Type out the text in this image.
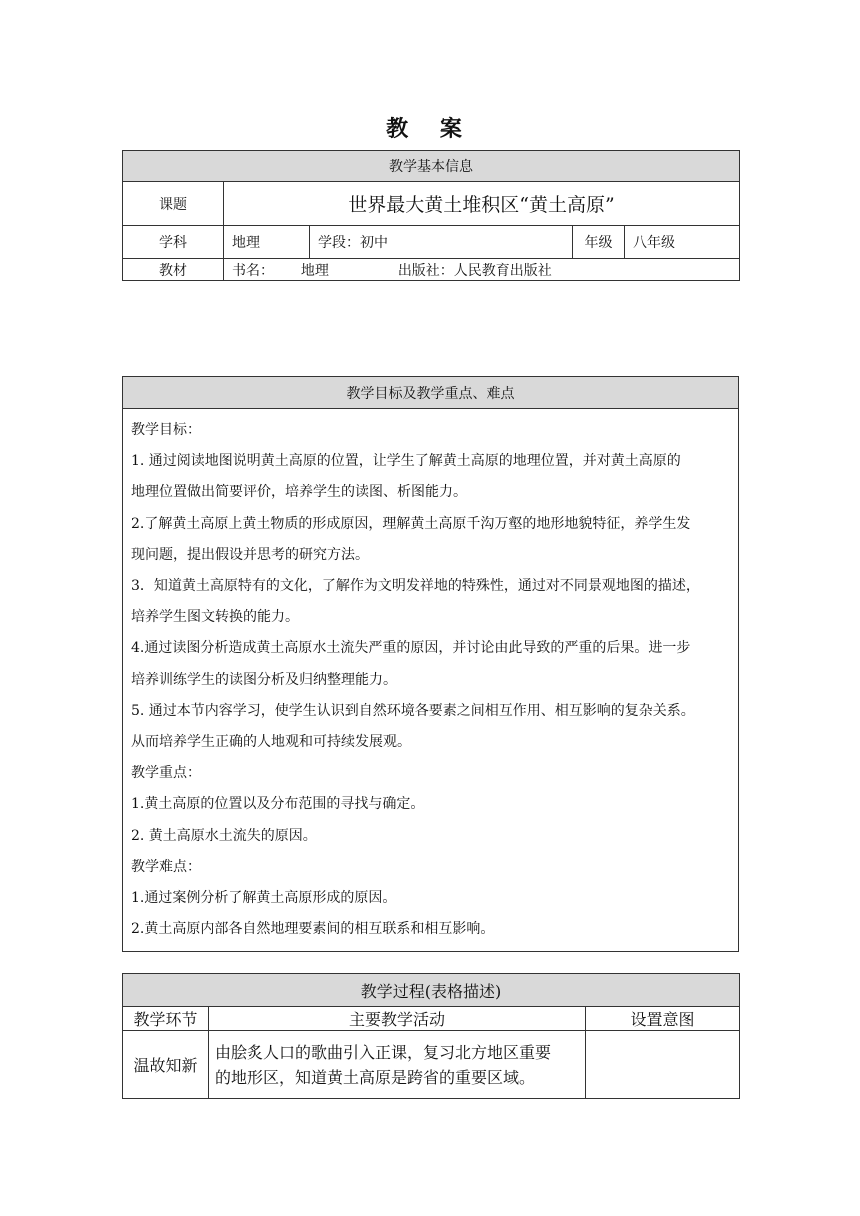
教 案
教学基本信息				
课题	世界最大黄土堆积区“黄土高原”			
学科	地理	学段：初中	年级	八年级
教材	书名： 地理 出版社：人民教育出版社			
教学目标及教学重点、难点

教学目标：

1. 通过阅读地图说明黄土高原的位置，让学生了解黄土高原的地理位置，并对黄土高原的

地理位置做出简要评价，培养学生的读图、析图能力。

2.了解黄土高原上黄土物质的形成原因，理解黄土高原千沟万壑的地形地貌特征，养学生发

现问题，提出假设并思考的研究方法。

3．知道黄土高原特有的文化，了解作为文明发祥地的特殊性，通过对不同景观地图的描述，

培养学生图文转换的能力。

4.通过读图分析造成黄土高原水土流失严重的原因，并讨论由此导致的严重的后果。进一步

培养训练学生的读图分析及归纳整理能力。

5. 通过本节内容学习，使学生认识到自然环境各要素之间相互作用、相互影响的复杂关系。

从而培养学生正确的人地观和可持续发展观。

教学重点：

1.黄土高原的位置以及分布范围的寻找与确定。

2. 黄土高原水土流失的原因。

教学难点：

1.通过案例分析了解黄土高原形成的原因。

2.黄土高原内部各自然地理要素间的相互联系和相互影响。

教学过程(表格描述)		
教学环节	主要教学活动	设置意图
温故知新	由脍炙人口的歌曲引入正课，复习北方地区重要
的地形区，知道黄土高原是跨省的重要区域。	
